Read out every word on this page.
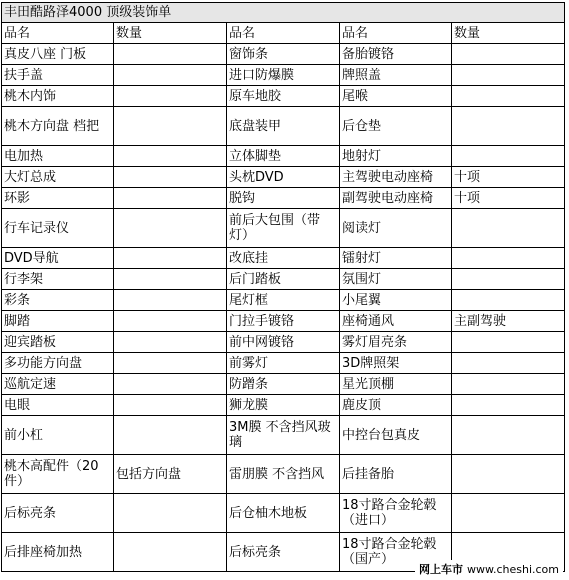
丰田酷路泽4000 顶级装饰单				
品名	数量	品名	品名	数量
真皮八座 门板		窗饰条	备胎镀铬	
扶手盖		进口防爆膜	牌照盖	
桃木内饰		原车地胶	尾喉	
桃木方向盘 档把		底盘装甲	后仓垫	
电加热		立体脚垫	地射灯	
大灯总成		头枕DVD	主驾驶电动座椅	十项
环影		脱钩	副驾驶电动座椅	十项
行车记录仪		前后大包围（带灯）	阅读灯	
DVD导航		改底挂	镭射灯	
行李架		后门踏板	氛围灯	
彩条		尾灯框	小尾翼	
脚踏		门拉手镀铬	座椅通风	主副驾驶
迎宾踏板		前中网镀铬	雾灯眉亮条	
多功能方向盘		前雾灯	3D牌照架	
巡航定速		防蹭条	星光顶棚	
电眼		狮龙膜	鹿皮顶	
前小杠		3M膜 不含挡风玻璃	中控台包真皮	
桃木高配件（20件）	包括方向盘	雷朋膜 不含挡风	后挂备胎	
后标亮条		后仓柚木地板	18寸路合金轮毂（进口）	
后排座椅加热		后标亮条	18寸路合金轮毂（国产）	
网上车市 www.cheshi.com
